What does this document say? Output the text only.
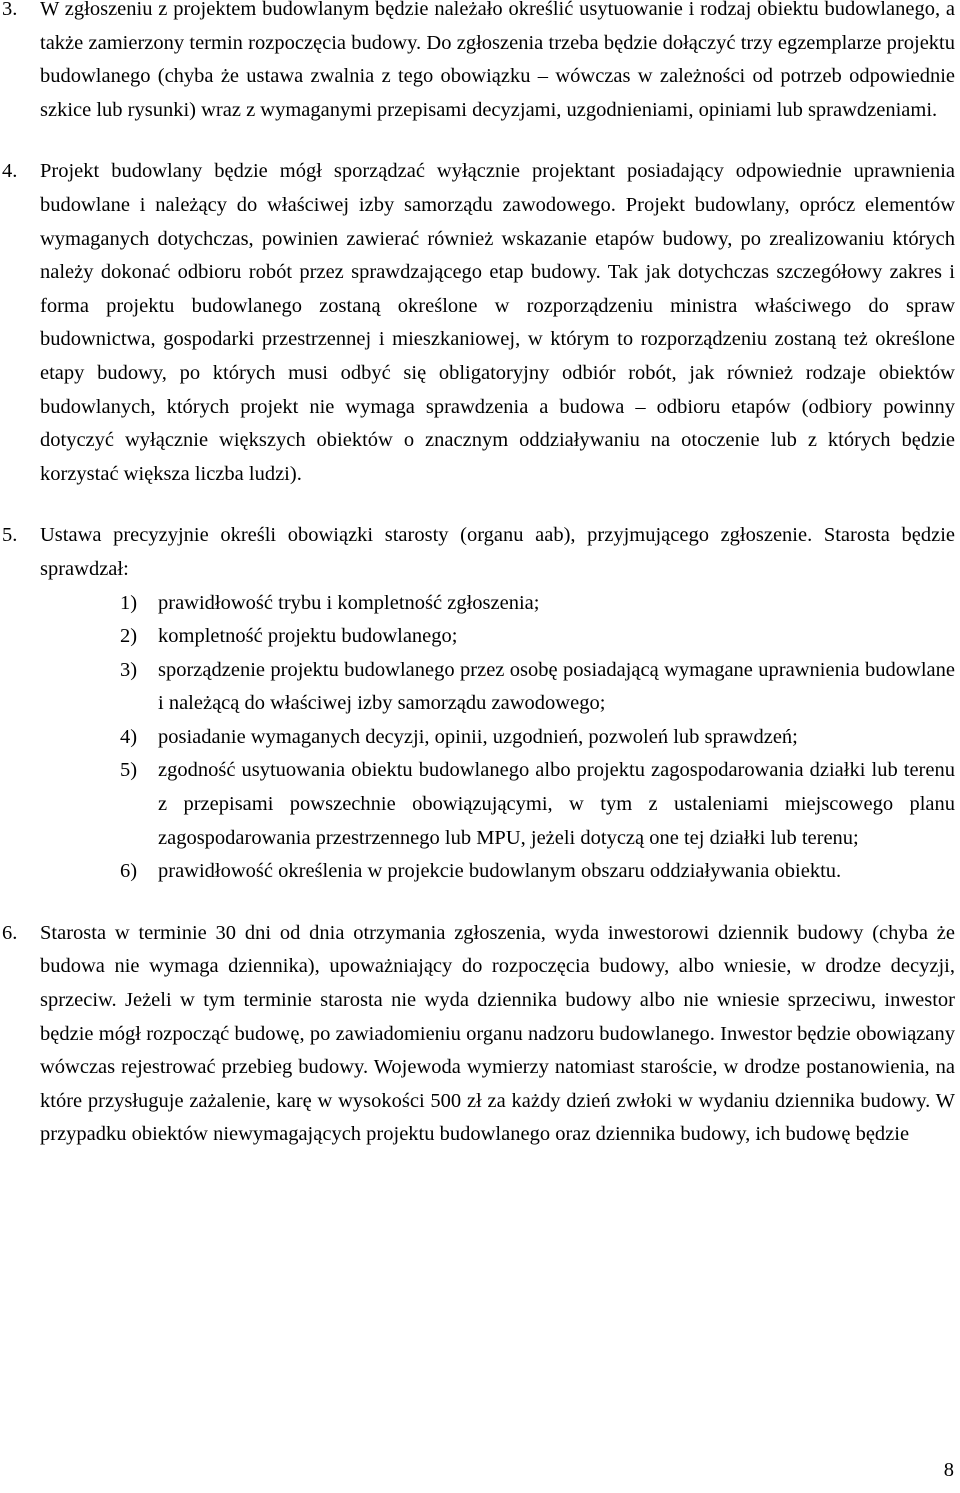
3. W zgłoszeniu z projektem budowlanym będzie należało określić usytuowanie i rodzaj obiektu budowlanego, a także zamierzony termin rozpoczęcia budowy. Do zgłoszenia trzeba będzie dołączyć trzy egzemplarze projektu budowlanego (chyba że ustawa zwalnia z tego obowiązku – wówczas w zależności od potrzeb odpowiednie szkice lub rysunki) wraz z wymaganymi przepisami decyzjami, uzgodnieniami, opiniami lub sprawdzeniami.

4. Projekt budowlany będzie mógł sporządzać wyłącznie projektant posiadający odpowiednie uprawnienia budowlane i należący do właściwej izby samorządu zawodowego. Projekt budowlany, oprócz elementów wymaganych dotychczas, powinien zawierać również wskazanie etapów budowy, po zrealizowaniu których należy dokonać odbioru robót przez sprawdzającego etap budowy. Tak jak dotychczas szczegółowy zakres i forma projektu budowlanego zostaną określone w rozporządzeniu ministra właściwego do spraw budownictwa, gospodarki przestrzennej i mieszkaniowej, w którym to rozporządzeniu zostaną też określone etapy budowy, po których musi odbyć się obligatoryjny odbiór robót, jak również rodzaje obiektów budowlanych, których projekt nie wymaga sprawdzenia a budowa – odbioru etapów (odbiory powinny dotyczyć wyłącznie większych obiektów o znacznym oddziaływaniu na otoczenie lub z których będzie korzystać większa liczba ludzi).

5. Ustawa precyzyjnie określi obowiązki starosty (organu aab), przyjmującego zgłoszenie. Starosta będzie sprawdzał:

1) prawidłowość trybu i kompletność zgłoszenia;
2) kompletność projektu budowlanego;
3) sporządzenie projektu budowlanego przez osobę posiadającą wymagane uprawnienia budowlane i należącą do właściwej izby samorządu zawodowego;
4) posiadanie wymaganych decyzji, opinii, uzgodnień, pozwoleń lub sprawdzeń;
5) zgodność usytuowania obiektu budowlanego albo projektu zagospodarowania działki lub terenu z przepisami powszechnie obowiązującymi, w tym z ustaleniami miejscowego planu zagospodarowania przestrzennego lub MPU, jeżeli dotyczą one tej działki lub terenu;
6) prawidłowość określenia w projekcie budowlanym obszaru oddziaływania obiektu.
6. Starosta w terminie 30 dni od dnia otrzymania zgłoszenia, wyda inwestorowi dziennik budowy (chyba że budowa nie wymaga dziennika), upoważniający do rozpoczęcia budowy, albo wniesie, w drodze decyzji, sprzeciw. Jeżeli w tym terminie starosta nie wyda dziennika budowy albo nie wniesie sprzeciwu, inwestor będzie mógł rozpocząć budowę, po zawiadomieniu organu nadzoru budowlanego. Inwestor będzie obowiązany wówczas rejestrować przebieg budowy. Wojewoda wymierzy natomiast staroście, w drodze postanowienia, na które przysługuje zażalenie, karę w wysokości 500 zł za każdy dzień zwłoki w wydaniu dziennika budowy. W przypadku obiektów niewymagających projektu budowlanego oraz dziennika budowy, ich budowę będzie

8
